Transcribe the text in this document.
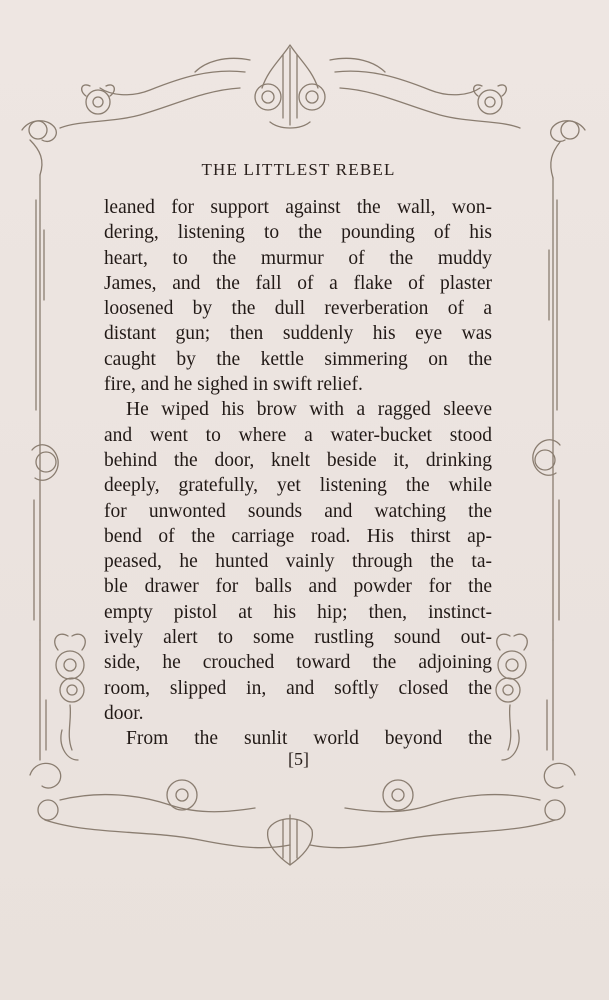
THE LITTLEST REBEL
leaned for support against the wall, won-
dering, listening to the pounding of his
heart, to the murmur of the muddy
James, and the fall of a flake of plaster
loosened by the dull reverberation of a
distant gun; then suddenly his eye was
caught by the kettle simmering on the
fire, and he sighed in swift relief.
He wiped his brow with a ragged sleeve
and went to where a water-bucket stood
behind the door, knelt beside it, drinking
deeply, gratefully, yet listening the while
for unwonted sounds and watching the
bend of the carriage road. His thirst ap-
peased, he hunted vainly through the ta-
ble drawer for balls and powder for the
empty pistol at his hip; then, instinct-
ively alert to some rustling sound out-
side, he crouched toward the adjoining
room, slipped in, and softly closed the
door.
From the sunlit world beyond the
[5]
